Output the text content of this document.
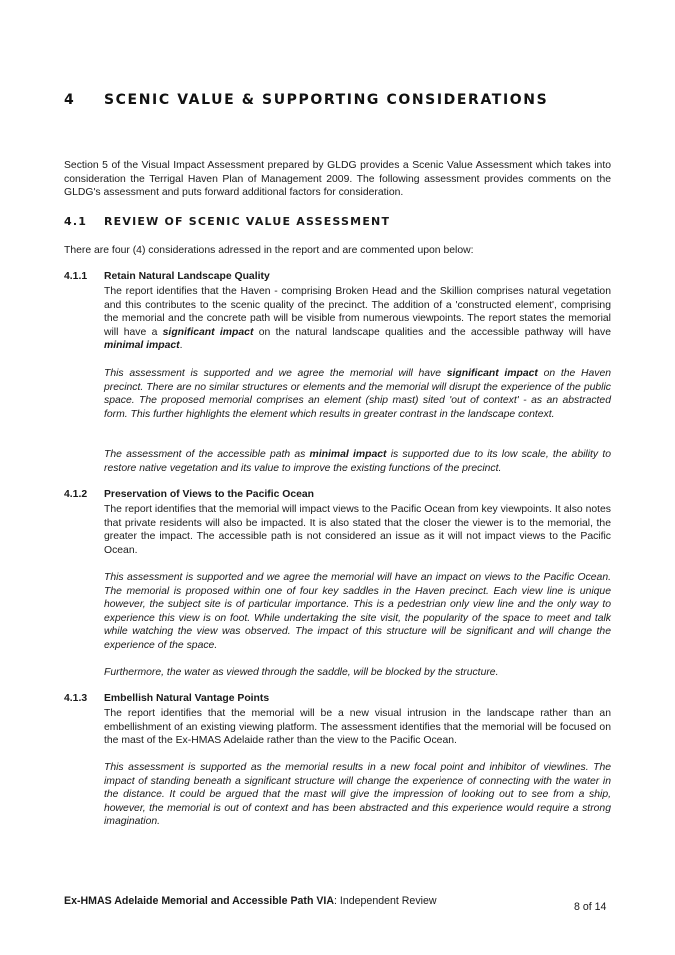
4 SCENIC VALUE & SUPPORTING CONSIDERATIONS
Section 5 of the Visual Impact Assessment prepared by GLDG provides a Scenic Value Assessment which takes into consideration the Terrigal Haven Plan of Management 2009. The following assessment provides comments on the GLDG's assessment and puts forward additional factors for consideration.
4.1 REVIEW OF SCENIC VALUE ASSESSMENT
There are four (4) considerations adressed in the report and are commented upon below:
4.1.1 Retain Natural Landscape Quality
The report identifies that the Haven - comprising Broken Head and the Skillion comprises natural vegetation and this contributes to the scenic quality of the precinct. The addition of a 'constructed element', comprising the memorial and the concrete path will be visible from numerous viewpoints. The report states the memorial will have a significant impact on the natural landscape qualities and the accessible pathway will have minimal impact.
This assessment is supported and we agree the memorial will have significant impact on the Haven precinct. There are no similar structures or elements and the memorial will disrupt the experience of the public space. The proposed memorial comprises an element (ship mast) sited 'out of context' - as an abstracted form. This further highlights the element which results in greater contrast in the landscape context.
The assessment of the accessible path as minimal impact is supported due to its low scale, the ability to restore native vegetation and its value to improve the existing functions of the precinct.
4.1.2 Preservation of Views to the Pacific Ocean
The report identifies that the memorial will impact views to the Pacific Ocean from key viewpoints. It also notes that private residents will also be impacted. It is also stated that the closer the viewer is to the memorial, the greater the impact. The accessible path is not considered an issue as it will not impact views to the Pacific Ocean.
This assessment is supported and we agree the memorial will have an impact on views to the Pacific Ocean. The memorial is proposed within one of four key saddles in the Haven precinct. Each view line is unique however, the subject site is of particular importance. This is a pedestrian only view line and the only way to experience this view is on foot. While undertaking the site visit, the popularity of the space to meet and talk while watching the view was observed. The impact of this structure will be significant and will change the experience of the space.
Furthermore, the water as viewed through the saddle, will be blocked by the structure.
4.1.3 Embellish Natural Vantage Points
The report identifies that the memorial will be a new visual intrusion in the landscape rather than an embellishment of an existing viewing platform. The assessment identifies that the memorial will be focused on the mast of the Ex-HMAS Adelaide rather than the view to the Pacific Ocean.
This assessment is supported as the memorial results in a new focal point and inhibitor of viewlines. The impact of standing beneath a significant structure will change the experience of connecting with the water in the distance. It could be argued that the mast will give the impression of looking out to see from a ship, however, the memorial is out of context and has been abstracted and this experience would require a strong imagination.
Ex-HMAS Adelaide Memorial and Accessible Path VIA: Independent Review	8 of 14
